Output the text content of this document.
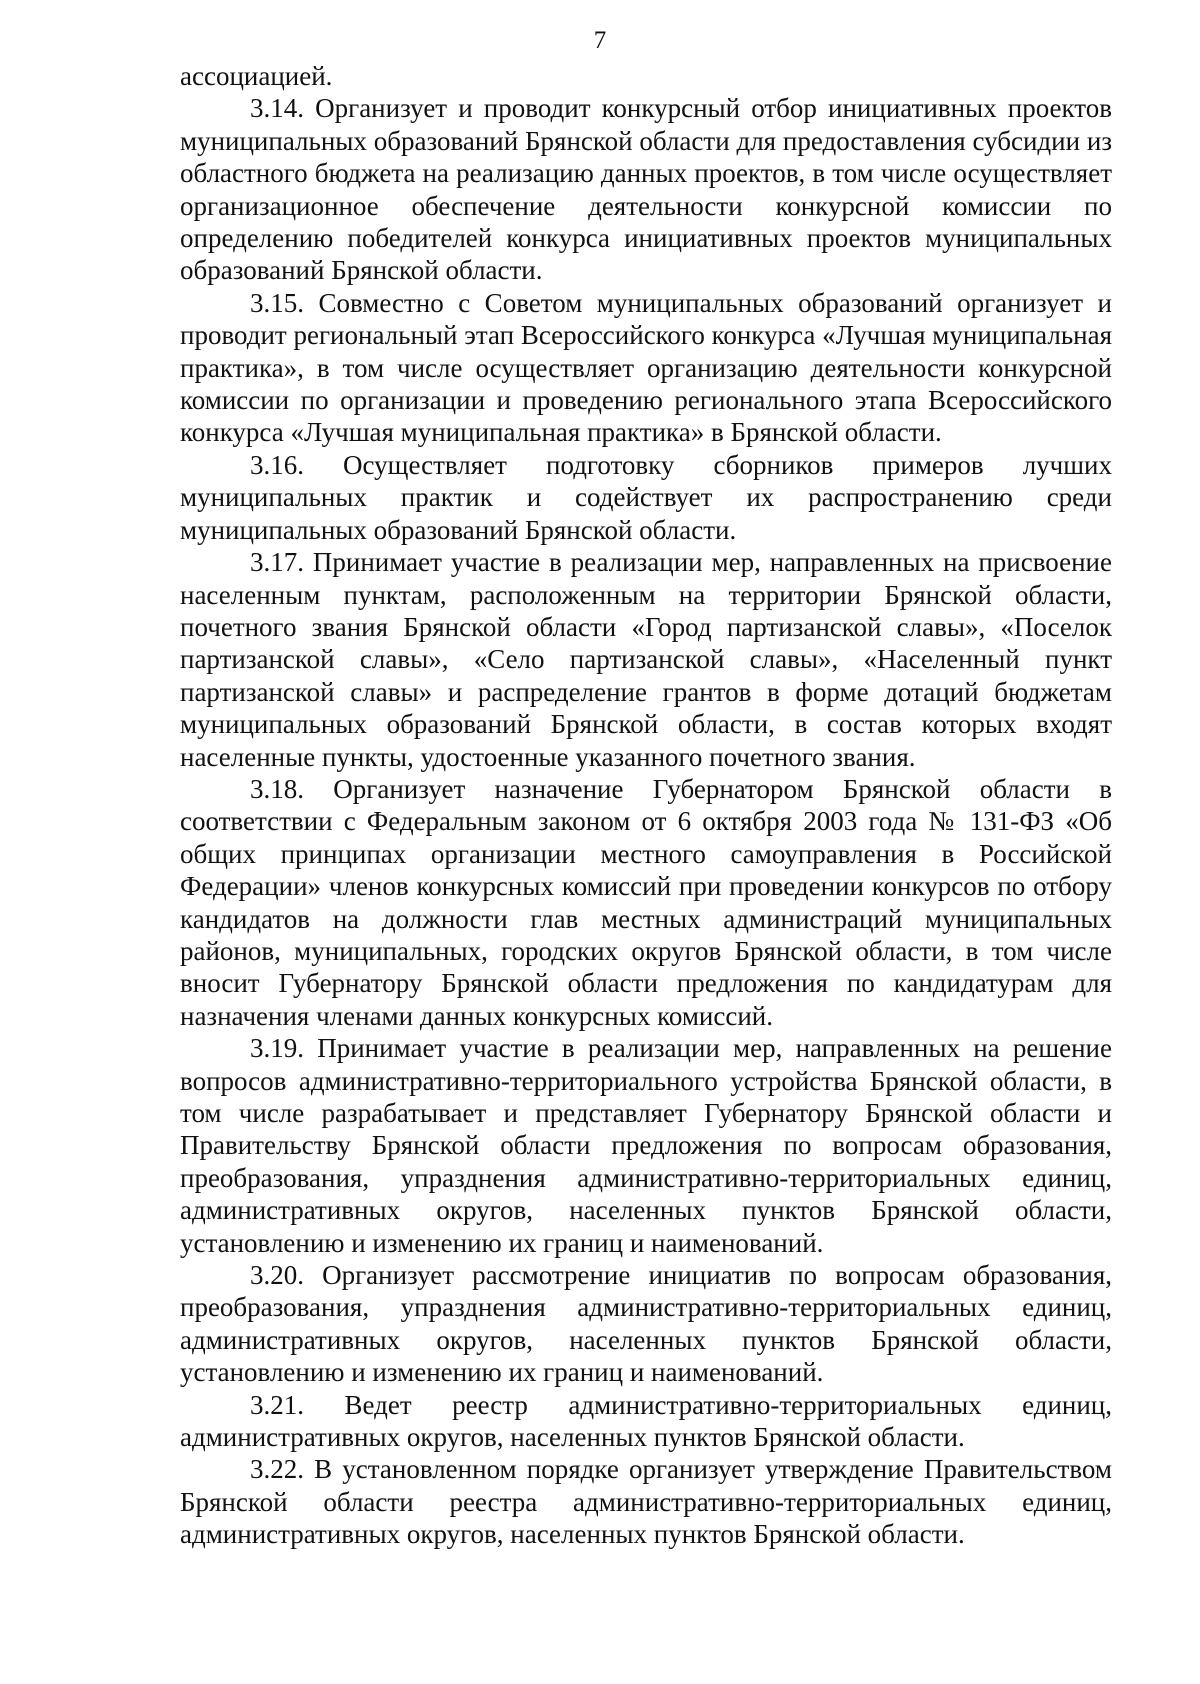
7

ассоциацией.

3.14. Организует и проводит конкурсный отбор инициативных проектов муниципальных образований Брянской области для предоставления субсидии из областного бюджета на реализацию данных проектов, в том числе осуществляет организационное обеспечение деятельности конкурсной комиссии по определению победителей конкурса инициативных проектов муниципальных образований Брянской области.

3.15. Совместно с Советом муниципальных образований организует и проводит региональный этап Всероссийского конкурса «Лучшая муниципальная практика», в том числе осуществляет организацию деятельности конкурсной комиссии по организации и проведению регионального этапа Всероссийского конкурса «Лучшая муниципальная практика» в Брянской области.

3.16. Осуществляет подготовку сборников примеров лучших муниципальных практик и содействует их распространению среди муниципальных образований Брянской области.

3.17. Принимает участие в реализации мер, направленных на присвоение населенным пунктам, расположенным на территории Брянской области, почетного звания Брянской области «Город партизанской славы», «Поселок партизанской славы», «Село партизанской славы», «Населенный пункт партизанской славы» и распределение грантов в форме дотаций бюджетам муниципальных образований Брянской области, в состав которых входят населенные пункты, удостоенные указанного почетного звания.

3.18. Организует назначение Губернатором Брянской области в соответствии с Федеральным законом от 6 октября 2003 года № 131-ФЗ «Об общих принципах организации местного самоуправления в Российской Федерации» членов конкурсных комиссий при проведении конкурсов по отбору кандидатов на должности глав местных администраций муниципальных районов, муниципальных, городских округов Брянской области, в том числе вносит Губернатору Брянской области предложения по кандидатурам для назначения членами данных конкурсных комиссий.

3.19. Принимает участие в реализации мер, направленных на решение вопросов административно-территориального устройства Брянской области, в том числе разрабатывает и представляет Губернатору Брянской области и Правительству Брянской области предложения по вопросам образования, преобразования, упразднения административно-территориальных единиц, административных округов, населенных пунктов Брянской области, установлению и изменению их границ и наименований.

3.20. Организует рассмотрение инициатив по вопросам образования, преобразования, упразднения административно-территориальных единиц, административных округов, населенных пунктов Брянской области, установлению и изменению их границ и наименований.

3.21. Ведет реестр административно-территориальных единиц, административных округов, населенных пунктов Брянской области.

3.22. В установленном порядке организует утверждение Правительством Брянской области реестра административно-территориальных единиц, административных округов, населенных пунктов Брянской области.
